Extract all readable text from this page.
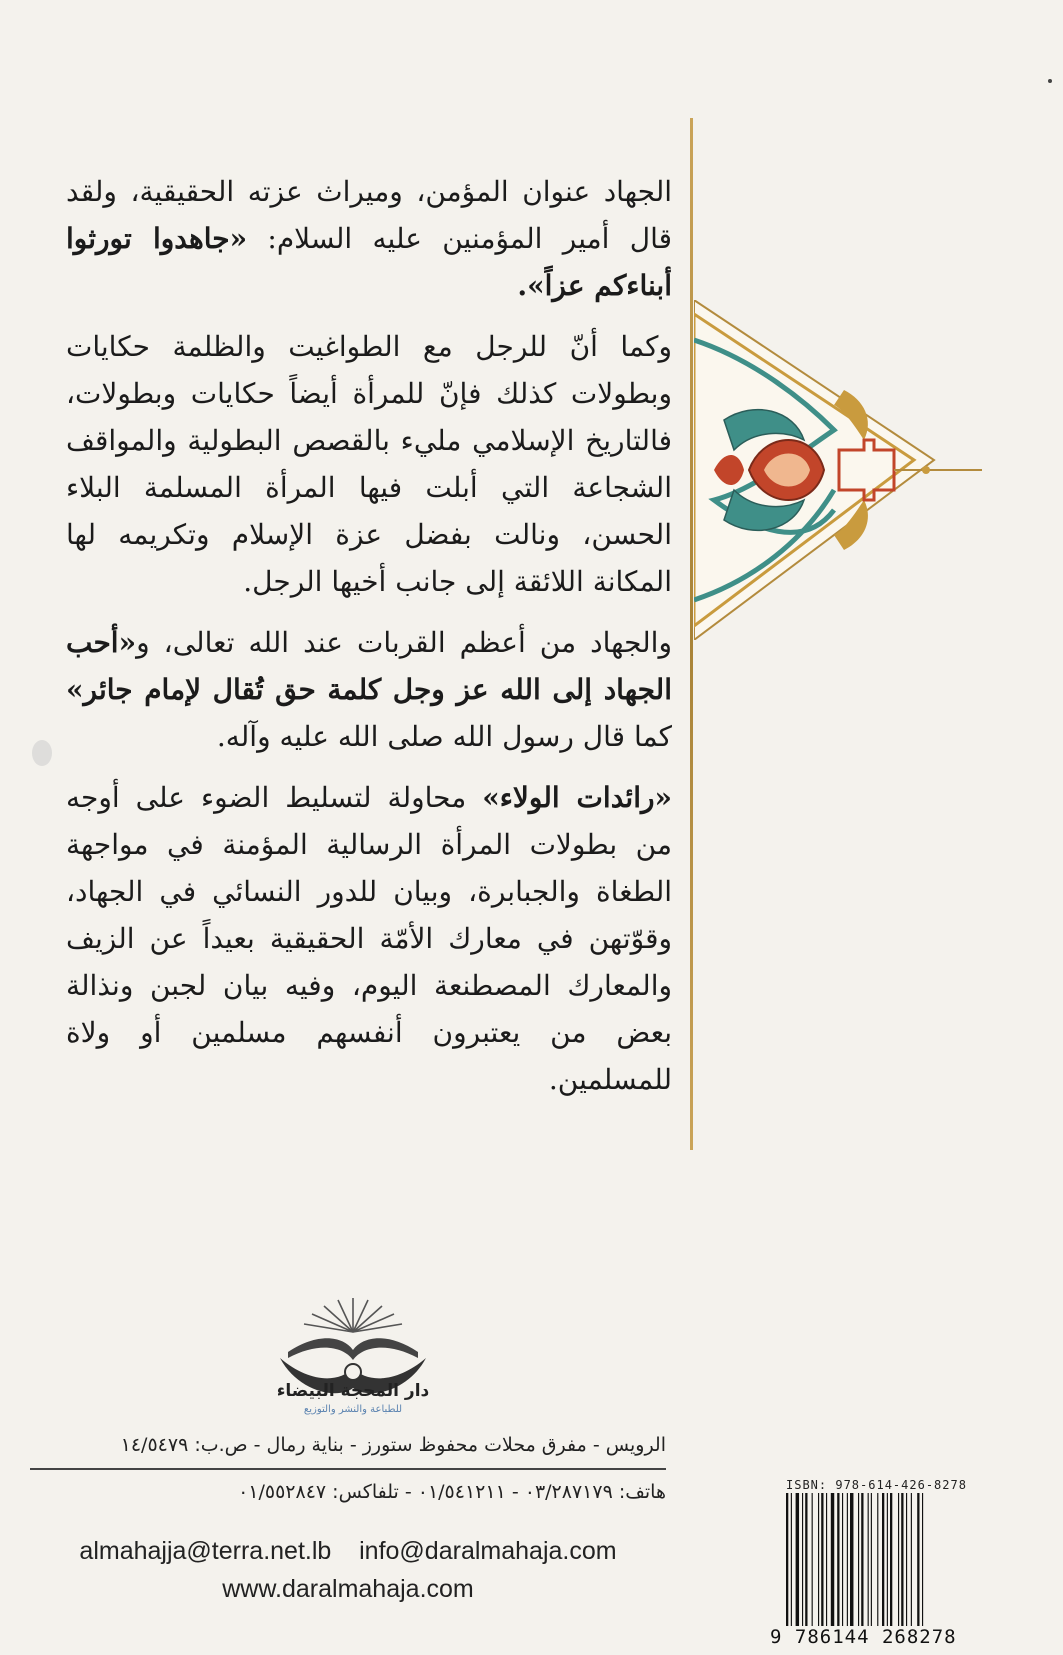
الجهاد عنوان المؤمن، وميراث عزته الحقيقية، ولقد قال أمير المؤمنين عليه السلام: «جاهدوا تورثوا أبناءكم عزاً».

وكما أنّ للرجل مع الطواغيت والظلمة حكايات وبطولات كذلك فإنّ للمرأة أيضاً حكايات وبطولات، فالتاريخ الإسلامي مليء بالقصص البطولية والمواقف الشجاعة التي أبلت فيها المرأة المسلمة البلاء الحسن، ونالت بفضل عزة الإسلام وتكريمه لها المكانة اللائقة إلى جانب أخيها الرجل.

والجهاد من أعظم القربات عند الله تعالى، و«أحب الجهاد إلى الله عز وجل كلمة حق تُقال لإمام جائر» كما قال رسول الله صلى الله عليه وآله.

«رائدات الولاء» محاولة لتسليط الضوء على أوجه من بطولات المرأة الرسالية المؤمنة في مواجهة الطغاة والجبابرة، وبيان للدور النسائي في الجهاد، وقوّتهن في معارك الأمّة الحقيقية بعيداً عن الزيف والمعارك المصطنعة اليوم، وفيه بيان لجبن ونذالة بعض من يعتبرون أنفسهم مسلمين أو ولاة للمسلمين.

دار المحجة البيضاء
للطباعة والنشر والتوزيع
الرويس - مفرق محلات محفوظ ستورز - بناية رمال - ص.ب: ١٤/٥٤٧٩
هاتف: ٠٣/٢٨٧١٧٩ - ٠١/٥٤١٢١١ - تلفاكس: ٠١/٥٥٢٨٤٧
almahajja@terra.net.lb info@daralmahaja.com
www.daralmahaja.com
ISBN: 978-614-426-8278
9 786144 268278
